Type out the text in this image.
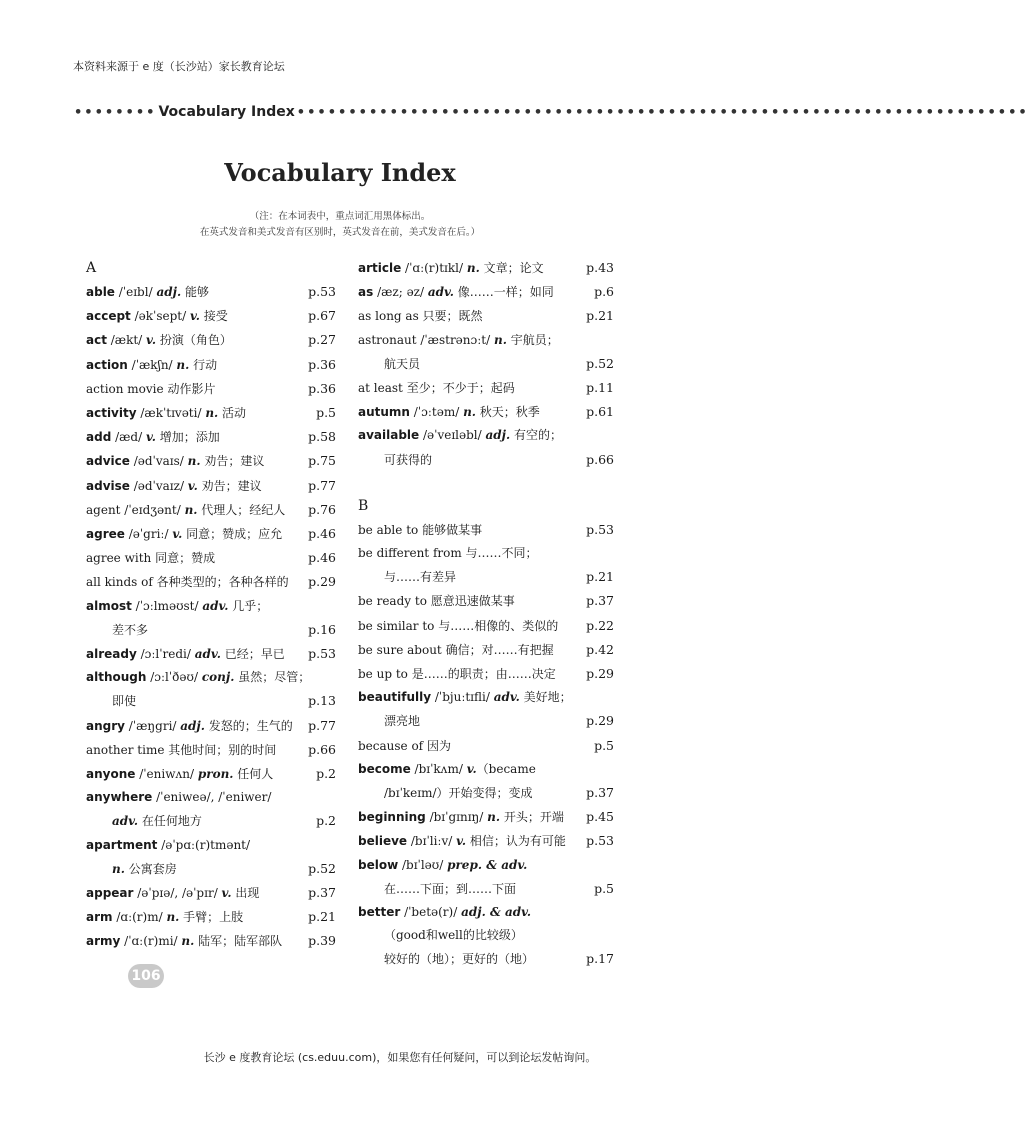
本资料来源于 e 度（长沙站）家长教育论坛
•••••••• Vocabulary Index •••••••••••••••••••••••••••••••••••••••••••••••••••••••••••••••••••••••
Vocabulary Index
（注：在本词表中，重点词汇用黑体标出。
在英式发音和美式发音有区别时，英式发音在前，美式发音在后。）
A
able /ˈeɪbl/ adj. 能够	p.53
accept /əkˈsept/ v. 接受	p.67
act /ækt/ v. 扮演（角色）	p.27
action /ˈækʃn/ n. 行动	p.36
action movie 动作影片	p.36
activity /ækˈtɪvəti/ n. 活动	p.5
add /æd/ v. 增加；添加	p.58
advice /ədˈvaɪs/ n. 劝告；建议	p.75
advise /ədˈvaɪz/ v. 劝告；建议	p.77
agent /ˈeɪdʒənt/ n. 代理人；经纪人	p.76
agree /əˈgriː/ v. 同意；赞成；应允	p.46
agree with 同意；赞成	p.46
all kinds of 各种类型的；各种各样的	p.29
almost /ˈɔːlməʊst/ adv. 几乎；
差不多	p.16
already /ɔːlˈredi/ adv. 已经；早已	p.53
although /ɔːlˈðəʊ/ conj. 虽然；尽管；
即使	p.13
angry /ˈæŋgri/ adj. 发怒的；生气的	p.77
another time 其他时间；别的时间	p.66
anyone /ˈeniwʌn/ pron. 任何人	p.2
anywhere /ˈeniweə/, /ˈeniwer/
adv. 在任何地方	p.2
apartment /əˈpɑː(r)tmənt/
n. 公寓套房	p.52
appear /əˈpɪə/, /əˈpɪr/ v. 出现	p.37
arm /ɑː(r)m/ n. 手臂；上肢	p.21
army /ˈɑː(r)mi/ n. 陆军；陆军部队	p.39
article /ˈɑː(r)tɪkl/ n. 文章；论文	p.43
as /æz; əz/ adv. 像……一样；如同	p.6
as long as 只要；既然	p.21
astronaut /ˈæstrənɔːt/ n. 宇航员；
航天员	p.52
at least 至少；不少于；起码	p.11
autumn /ˈɔːtəm/ n. 秋天；秋季	p.61
available /əˈveɪləbl/ adj. 有空的；
可获得的	p.66
B
be able to 能够做某事	p.53
be different from 与……不同；
与……有差异	p.21
be ready to 愿意迅速做某事	p.37
be similar to 与……相像的、类似的	p.22
be sure about 确信；对……有把握	p.42
be up to 是……的职责；由……决定	p.29
beautifully /ˈbjuːtɪfli/ adv. 美好地；
漂亮地	p.29
because of 因为	p.5
become /bɪˈkʌm/ v.（became
/bɪˈkeɪm/）开始变得；变成	p.37
beginning /bɪˈgɪnɪŋ/ n. 开头；开端	p.45
believe /bɪˈliːv/ v. 相信；认为有可能	p.53
below /bɪˈləʊ/ prep. & adv.
在……下面；到……下面	p.5
better /ˈbetə(r)/ adj. & adv.
（good和well的比较级）
较好的（地）；更好的（地）	p.17
106
长沙 e 度教育论坛 (cs.eduu.com)，如果您有任何疑问，可以到论坛发帖询问。
